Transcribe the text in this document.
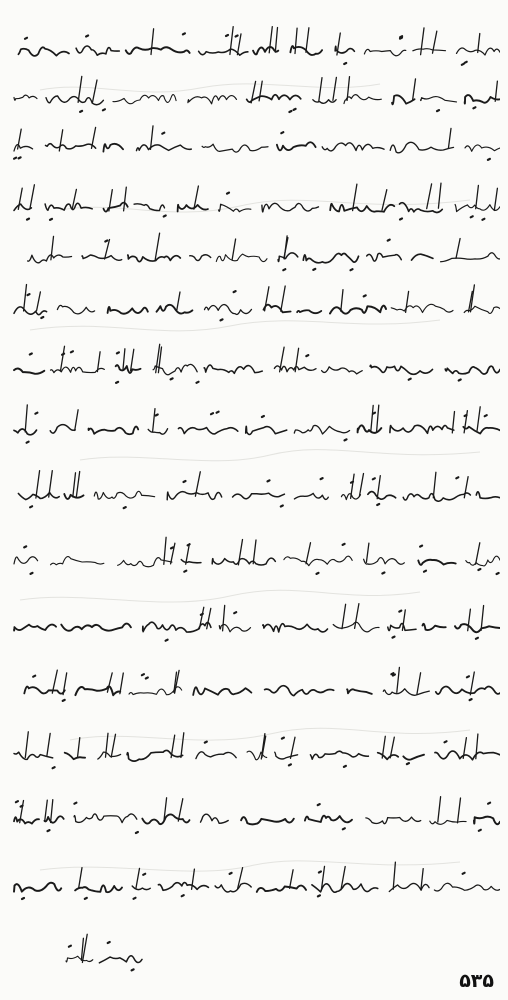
۵۳۵
